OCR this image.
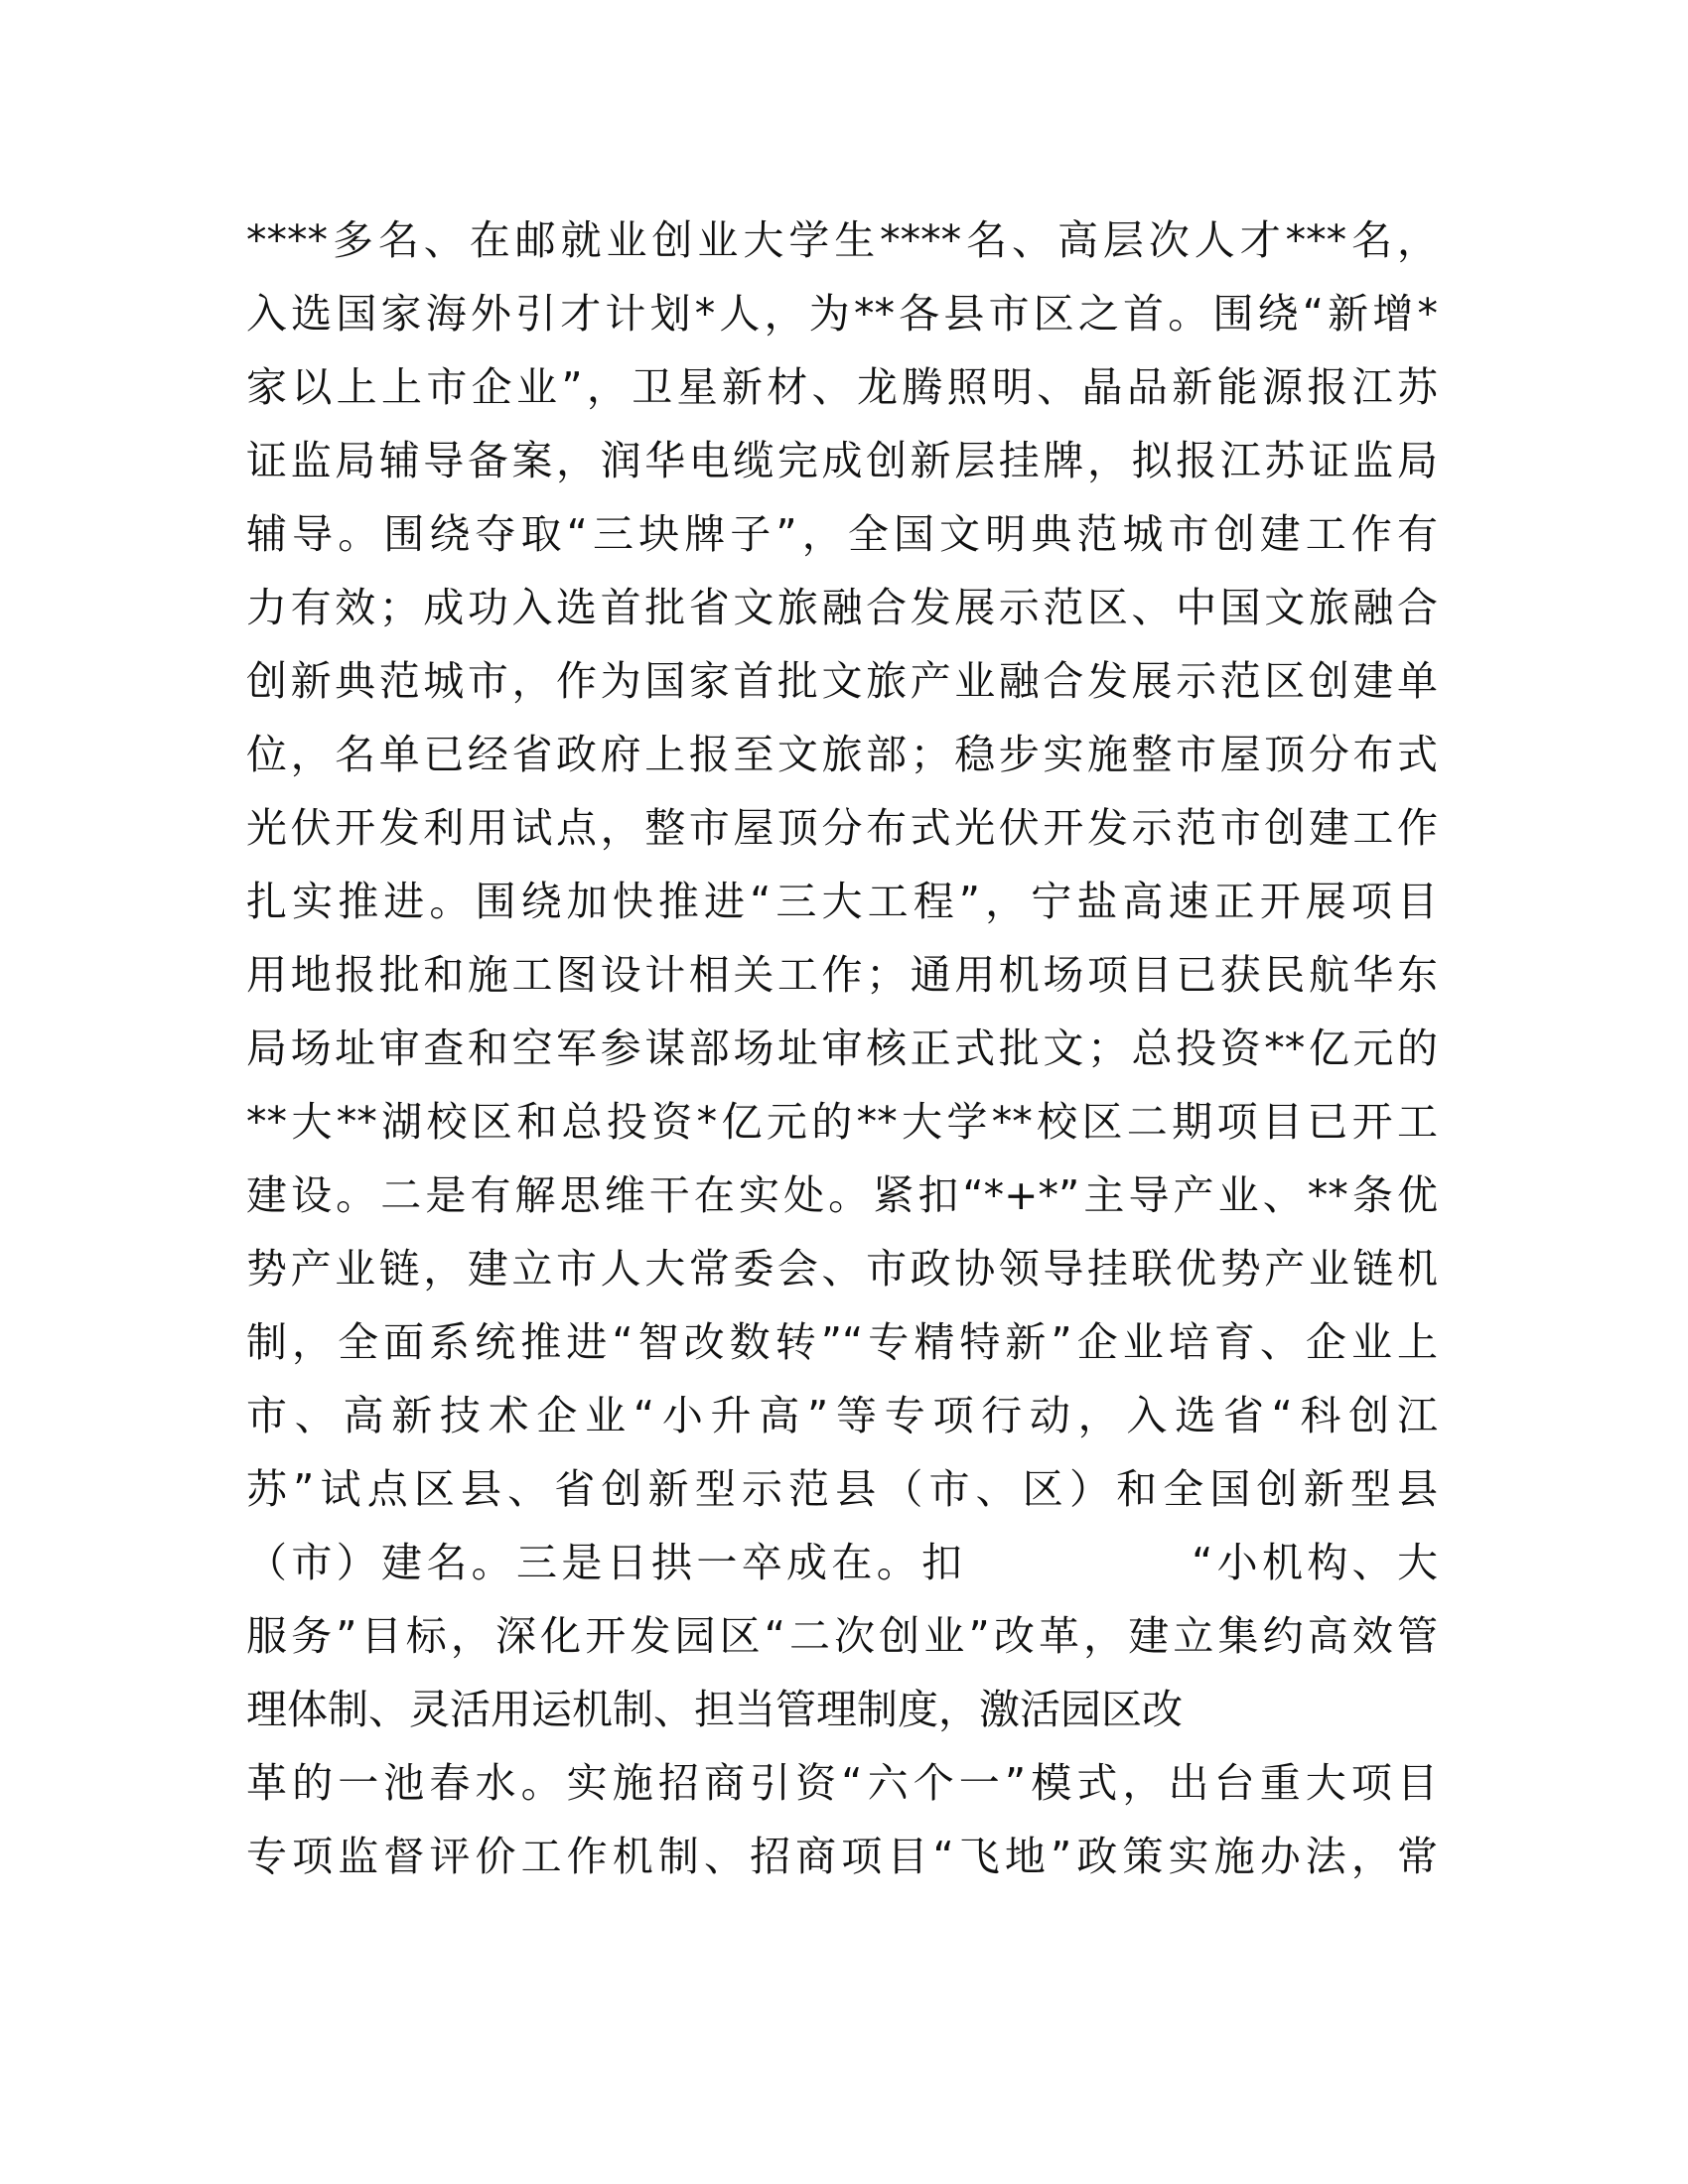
****多名、在邮就业创业大学生****名、高层次人才***名，
入选国家海外引才计划*人，为**各县市区之首。围绕“新增*
家以上上市企业”，卫星新材、龙腾照明、晶品新能源报江苏
证监局辅导备案，润华电缆完成创新层挂牌，拟报江苏证监局
辅导。围绕夺取“三块牌子”，全国文明典范城市创建工作有
力有效；成功入选首批省文旅融合发展示范区、中国文旅融合
创新典范城市，作为国家首批文旅产业融合发展示范区创建单
位，名单已经省政府上报至文旅部；稳步实施整市屋顶分布式
光伏开发利用试点，整市屋顶分布式光伏开发示范市创建工作
扎实推进。围绕加快推进“三大工程”，宁盐高速正开展项目
用地报批和施工图设计相关工作；通用机场项目已获民航华东
局场址审查和空军参谋部场址审核正式批文；总投资**亿元的
**大**湖校区和总投资*亿元的**大学**校区二期项目已开工
建设。二是有解思维干在实处。紧扣“*+*”主导产业、**条优
势产业链，建立市人大常委会、市政协领导挂联优势产业链机
制，全面系统推进“智改数转”“专精特新”企业培育、企业上
市、高新技术企业“小升高”等专项行动，入选省“科创江
苏”试点区县、省创新型示范县（市、区）和全国创新型县
（市）建名。三是日拱一卒成在。扣　　　　　“小机构、大
服务”目标，深化开发园区“二次创业”改革，建立集约高效管
理体制、灵活用运机制、担当管理制度，激活园区改
革的一池春水。实施招商引资“六个一”模式，出台重大项目
专项监督评价工作机制、招商项目“飞地”政策实施办法，常
